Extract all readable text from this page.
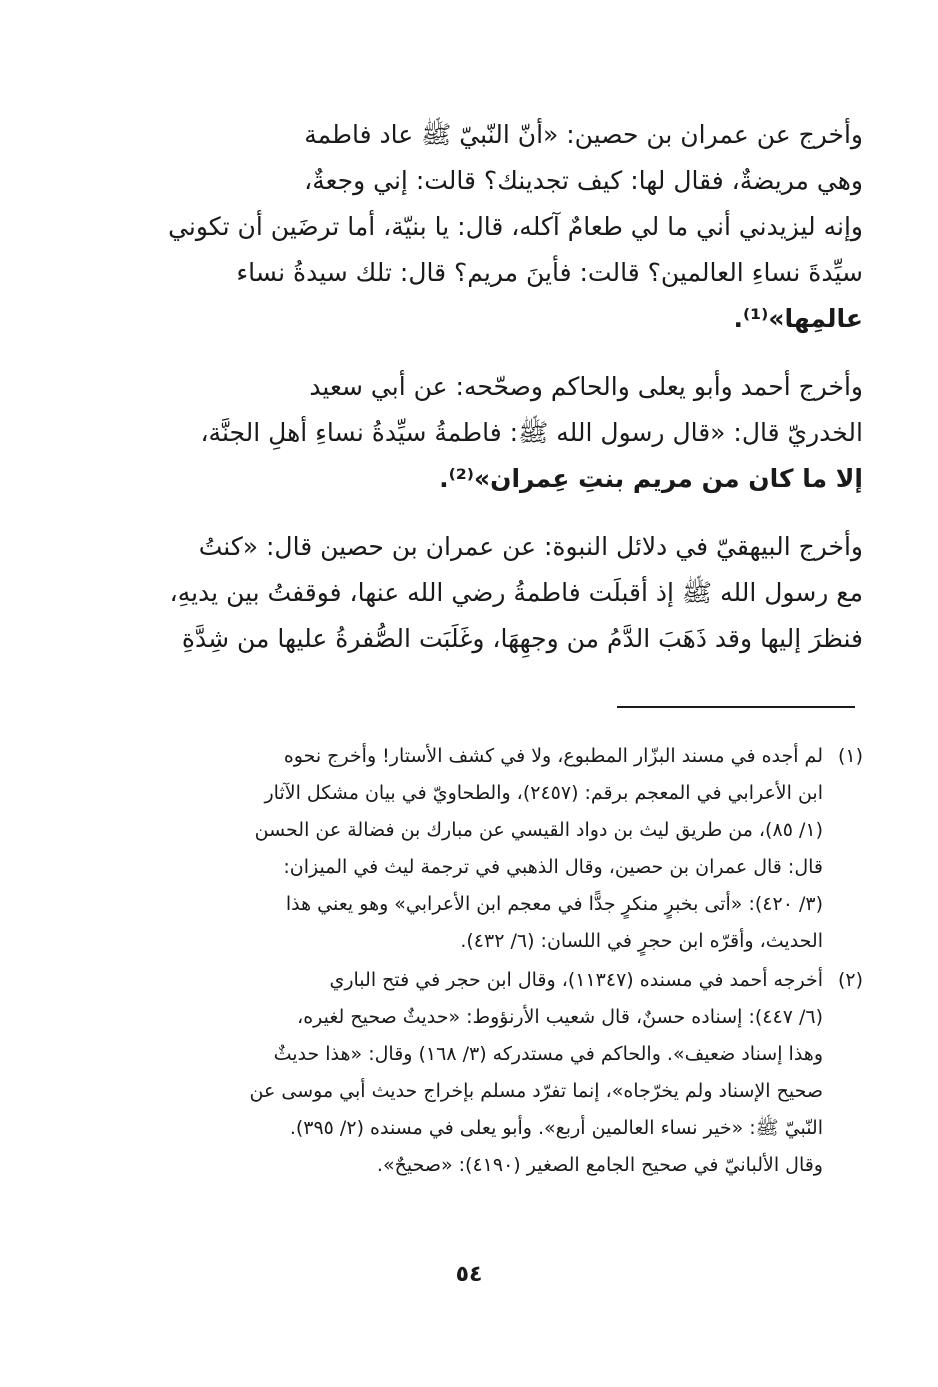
وأخرج عن عمران بن حصين: «أنّ النّبيّ ﷺ عاد فاطمة
وهي مريضةٌ، فقال لها: كيف تجدينك؟ قالت: إني وجعةٌ،
وإنه ليزيدني أني ما لي طعامٌ آكله، قال: يا بنيّة، أما ترضَين أن تكوني
سيِّدةَ نساءِ العالمين؟ قالت: فأينَ مريم؟ قال: تلك سيدةُ نساء
عالمِها»⁽¹⁾.
وأخرج أحمد وأبو يعلى والحاكم وصحّحه: عن أبي سعيد
الخدريّ قال: «قال رسول الله ﷺ: فاطمةُ سيِّدةُ نساءِ أهلِ الجنَّة،
إلا ما كان من مريم بنتِ عِمران»⁽²⁾.
وأخرج البيهقيّ في دلائل النبوة: عن عمران بن حصين قال: «كنتُ
مع رسول الله ﷺ إذ أقبلَت فاطمةُ رضي الله عنها، فوقفتُ بين يديهِ،
فنظرَ إليها وقد ذَهَبَ الدَّمُ من وجهِهَا، وغَلَبَت الصُّفرةُ عليها من شِدَّةِ
(١)
لم أجده في مسند البزّار المطبوع، ولا في كشف الأستار! وأخرج نحوه
ابن الأعرابي في المعجم برقم: (٢٤٥٧)، والطحاويّ في بيان مشكل الآثار
(١/ ٨٥)، من طريق ليث بن دواد القيسي عن مبارك بن فضالة عن الحسن
قال: قال عمران بن حصين، وقال الذهبي في ترجمة ليث في الميزان:
(٣/ ٤٢٠): «أتى بخبرٍ منكرٍ جدًّا في معجم ابن الأعرابي» وهو يعني هذا
الحديث، وأقرّه ابن حجرٍ في اللسان: (٦/ ٤٣٢).
(٢)
أخرجه أحمد في مسنده (١١٣٤٧)، وقال ابن حجر في فتح الباري
(٦/ ٤٤٧): إسناده حسنٌ، قال شعيب الأرنؤوط: «حديثٌ صحيح لغيره،
وهذا إسناد ضعيف». والحاكم في مستدركه (٣/ ١٦٨) وقال: «هذا حديثٌ
صحيح الإسناد ولم يخرّجاه»، إنما تفرّد مسلم بإخراج حديث أبي موسى عن
النّبيّ ﷺ: «خير نساء العالمين أربع». وأبو يعلى في مسنده (٢/ ٣٩٥).
وقال الألبانيّ في صحيح الجامع الصغير (٤١٩٠): «صحيحٌ».
٥٤
